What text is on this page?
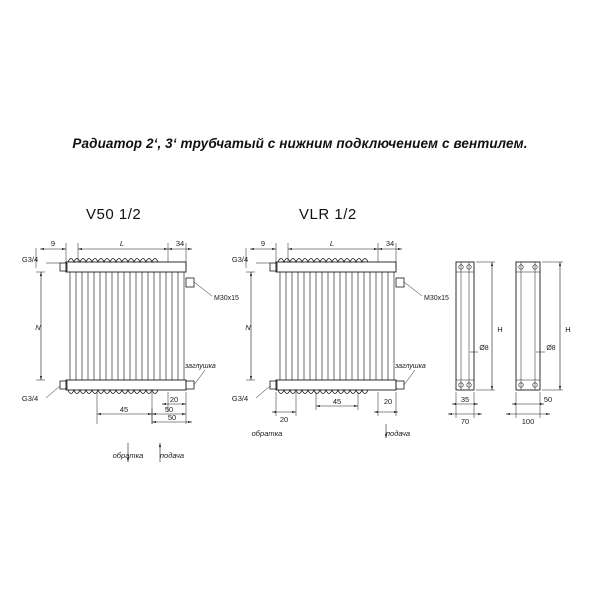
Радиатор 2ʻ, 3ʻ трубчатый с нижним подключением с вентилем.
V50 1/2	VLR 1/2
9	L	34
G3/4
G3/4
M30x15
заглушка
N
45
20
50
50
обратка подача
9	L	34
G3/4
G3/4
M30x15
заглушка
N
20
45	20
обратка	подача
H
Ø8
35
70
H
Ø8
50
100
